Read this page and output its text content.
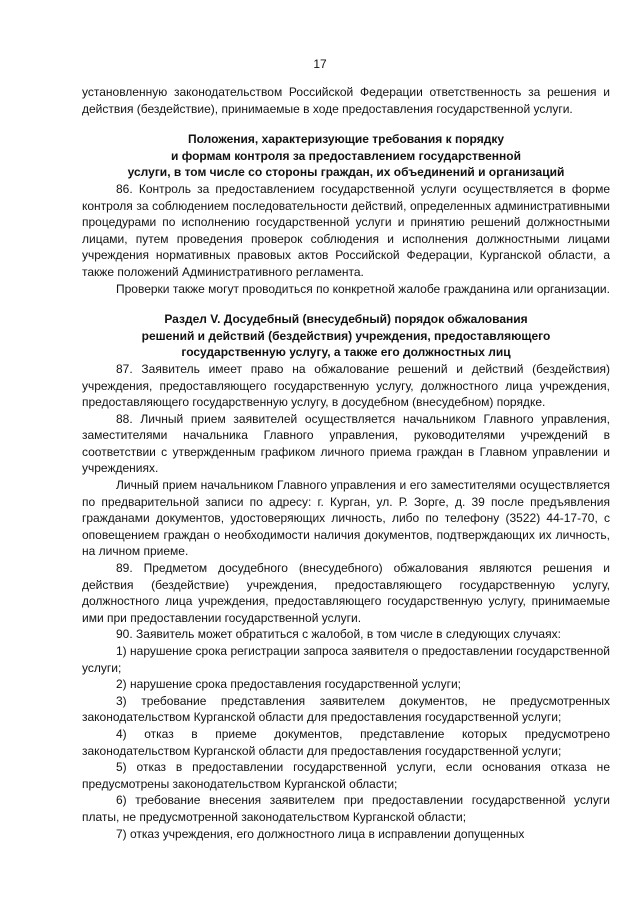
17

установленную законодательством Российской Федерации ответственность за решения и действия (бездействие), принимаемые в ходе предоставления государственной услуги.

Положения, характеризующие требования к порядку
и формам контроля за предоставлением государственной
услуги, в том числе со стороны граждан, их объединений и организаций

86. Контроль за предоставлением государственной услуги осуществляется в форме контроля за соблюдением последовательности действий, определенных административными процедурами по исполнению государственной услуги и принятию решений должностными лицами, путем проведения проверок соблюдения и исполнения должностными лицами учреждения нормативных правовых актов Российской Федерации, Курганской области, а также положений Административного регламента.

Проверки также могут проводиться по конкретной жалобе гражданина или организации.

Раздел V. Досудебный (внесудебный) порядок обжалования
решений и действий (бездействия) учреждения, предоставляющего
государственную услугу, а также его должностных лиц

87. Заявитель имеет право на обжалование решений и действий (бездействия) учреждения, предоставляющего государственную услугу, должностного лица учреждения, предоставляющего государственную услугу, в досудебном (внесудебном) порядке.

88. Личный прием заявителей осуществляется начальником Главного управления, заместителями начальника Главного управления, руководителями учреждений в соответствии с утвержденным графиком личного приема граждан в Главном управлении и учреждениях.

Личный прием начальником Главного управления и его заместителями осуществляется по предварительной записи по адресу: г. Курган, ул. Р. Зорге, д. 39 после предъявления гражданами документов, удостоверяющих личность, либо по телефону (3522) 44-17-70, с оповещением граждан о необходимости наличия документов, подтверждающих их личность, на личном приеме.

89. Предметом досудебного (внесудебного) обжалования являются решения и действия (бездействие) учреждения, предоставляющего государственную услугу, должностного лица учреждения, предоставляющего государственную услугу, принимаемые ими при предоставлении государственной услуги.

90. Заявитель может обратиться с жалобой, в том числе в следующих случаях:

1) нарушение срока регистрации запроса заявителя о предоставлении государственной услуги;

2) нарушение срока предоставления государственной услуги;

3) требование представления заявителем документов, не предусмотренных законодательством Курганской области для предоставления государственной услуги;

4) отказ в приеме документов, представление которых предусмотрено законодательством Курганской области для предоставления государственной услуги;

5) отказ в предоставлении государственной услуги, если основания отказа не предусмотрены законодательством Курганской области;

6) требование внесения заявителем при предоставлении государственной услуги платы, не предусмотренной законодательством Курганской области;

7) отказ учреждения, его должностного лица в исправлении допущенных
